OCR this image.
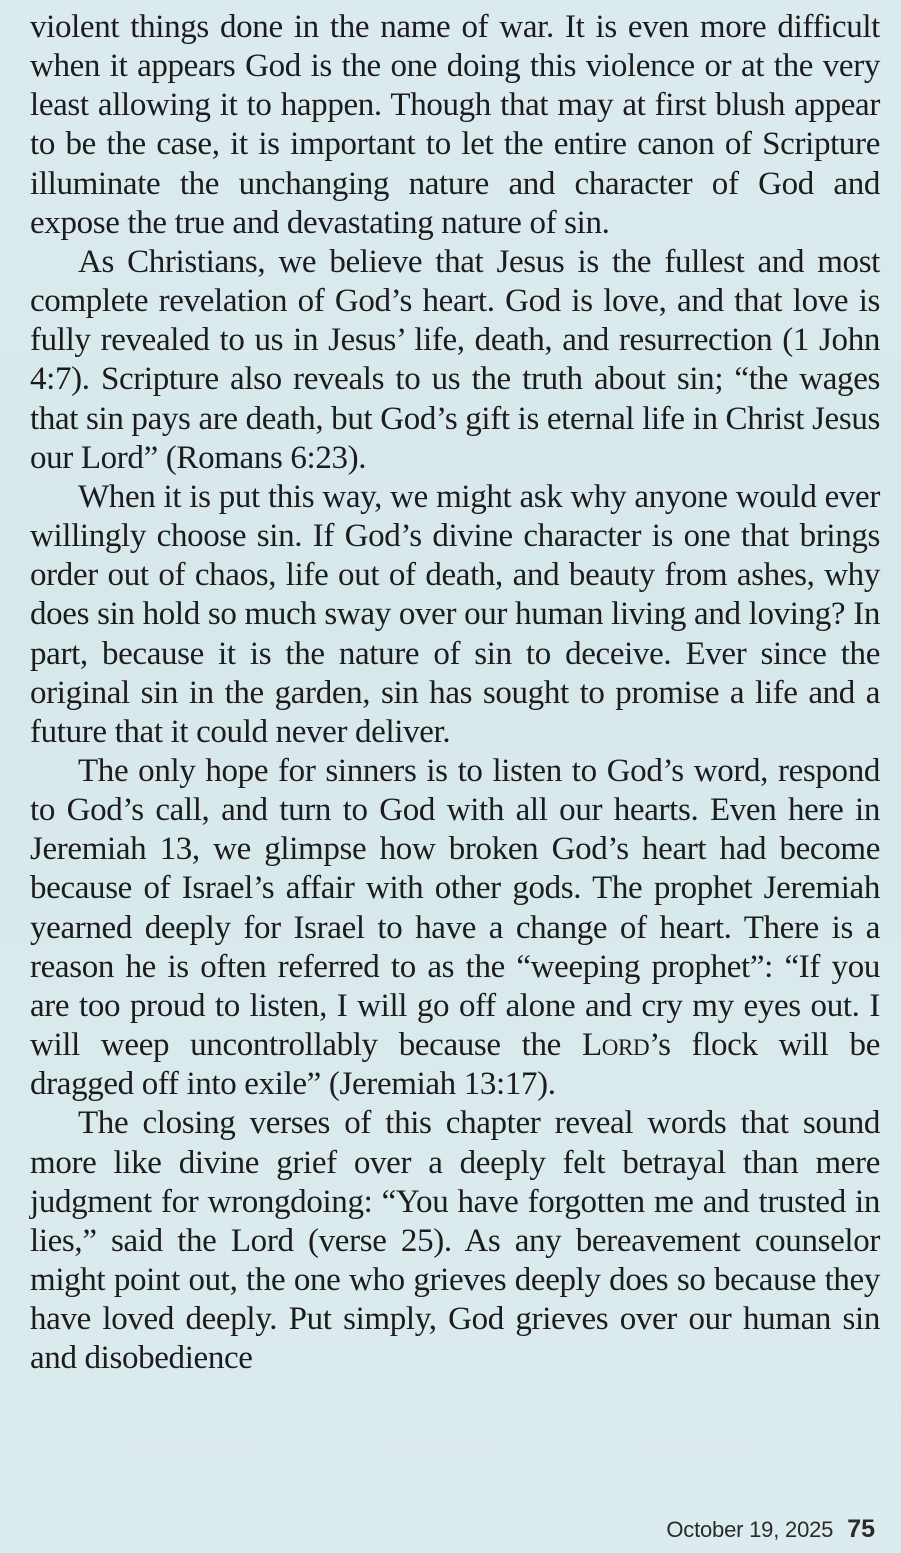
violent things done in the name of war. It is even more difficult when it appears God is the one doing this violence or at the very least allowing it to happen. Though that may at first blush appear to be the case, it is important to let the entire canon of Scripture illuminate the unchanging nature and character of God and expose the true and devastating nature of sin.

As Christians, we believe that Jesus is the fullest and most complete revelation of God’s heart. God is love, and that love is fully revealed to us in Jesus’ life, death, and resurrection (1 John 4:7). Scripture also reveals to us the truth about sin; “the wages that sin pays are death, but God’s gift is eternal life in Christ Jesus our Lord” (Romans 6:23).

When it is put this way, we might ask why anyone would ever willingly choose sin. If God’s divine character is one that brings order out of chaos, life out of death, and beauty from ashes, why does sin hold so much sway over our human living and loving? In part, because it is the nature of sin to deceive. Ever since the original sin in the garden, sin has sought to promise a life and a future that it could never deliver.

The only hope for sinners is to listen to God’s word, respond to God’s call, and turn to God with all our hearts. Even here in Jeremiah 13, we glimpse how broken God’s heart had become because of Israel’s affair with other gods. The prophet Jeremiah yearned deeply for Israel to have a change of heart. There is a reason he is often referred to as the “weeping prophet”: “If you are too proud to listen, I will go off alone and cry my eyes out. I will weep uncontrollably because the Lord’s flock will be dragged off into exile” (Jeremiah 13:17).

The closing verses of this chapter reveal words that sound more like divine grief over a deeply felt betrayal than mere judgment for wrongdoing: “You have forgotten me and trusted in lies,” said the Lord (verse 25). As any bereavement counselor might point out, the one who grieves deeply does so because they have loved deeply. Put simply, God grieves over our human sin and disobedience

October 19, 2025 75
